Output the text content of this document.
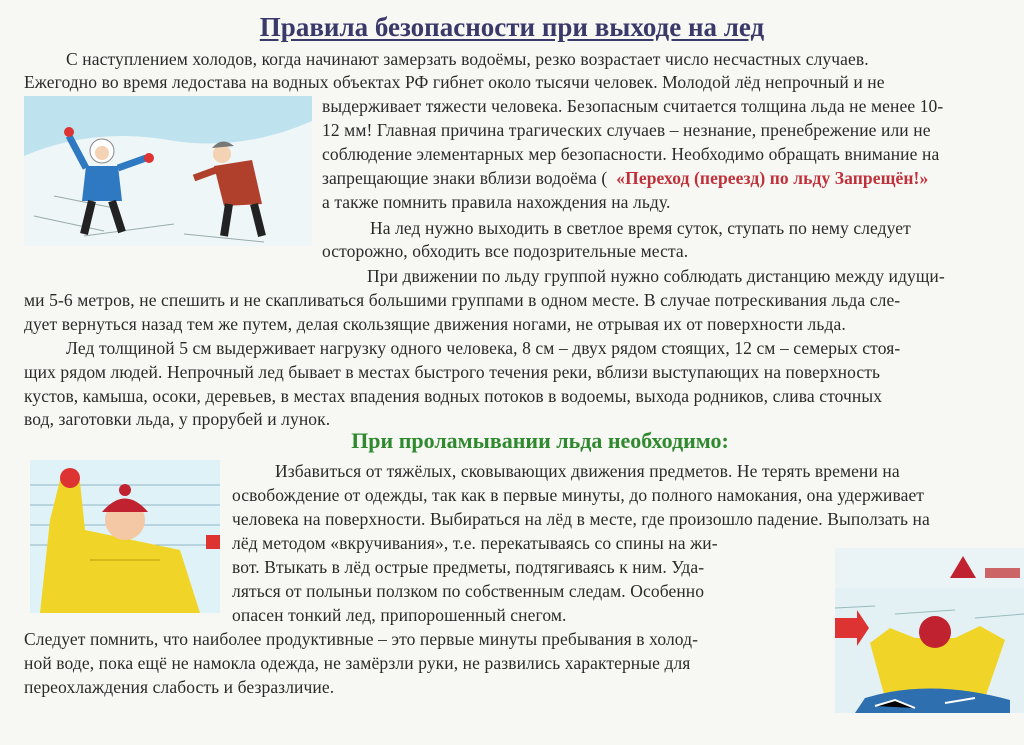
Правила безопасности при выходе на лед
С наступлением холодов, когда начинают замерзать водоёмы, резко возрастает число несчастных случаев.
Ежегодно во время ледостава на водных объектах РФ гибнет около тысячи человек. Молодой лёд непрочный и не
выдерживает тяжести человека. Безопасным считается толщина льда не менее 10-
12 мм! Главная причина трагических случаев – незнание, пренебрежение или не
соблюдение элементарных мер безопасности. Необходимо обращать внимание на
запрещающие знаки вблизи водоёма ( «Переход (переезд) по льду Запрещён!»
а также помнить правила нахождения на льду.
На лед нужно выходить в светлое время суток, ступать по нему следует
осторожно, обходить все подозрительные места.
При движении по льду группой нужно соблюдать дистанцию между идущи-
ми 5-6 метров, не спешить и не скапливаться большими группами в одном месте. В случае потрескивания льда сле-
дует вернуться назад тем же путем, делая скользящие движения ногами, не отрывая их от поверхности льда.
Лед толщиной 5 см выдерживает нагрузку одного человека, 8 см – двух рядом стоящих, 12 см – семерых стоя-
щих рядом людей. Непрочный лед бывает в местах быстрого течения реки, вблизи выступающих на поверхность
кустов, камыша, осоки, деревьев, в местах впадения водных потоков в водоемы, выхода родников, слива сточных
вод, заготовки льда, у прорубей и лунок.
При проламывании льда необходимо:
Избавиться от тяжёлых, сковывающих движения предметов. Не терять времени на
освобождение от одежды, так как в первые минуты, до полного намокания, она удерживает
человека на поверхности. Выбираться на лёд в месте, где произошло падение. Выползать на
лёд методом «вкручивания», т.е. перекатываясь со спины на жи-
вот. Втыкать в лёд острые предметы, подтягиваясь к ним. Уда-
ляться от полыньи ползком по собственным следам. Особенно
опасен тонкий лед, припорошенный снегом.
Следует помнить, что наиболее продуктивные – это первые минуты пребывания в холод-
ной воде, пока ещё не намокла одежда, не замёрзли руки, не развились характерные для
переохлаждения слабость и безразличие.
